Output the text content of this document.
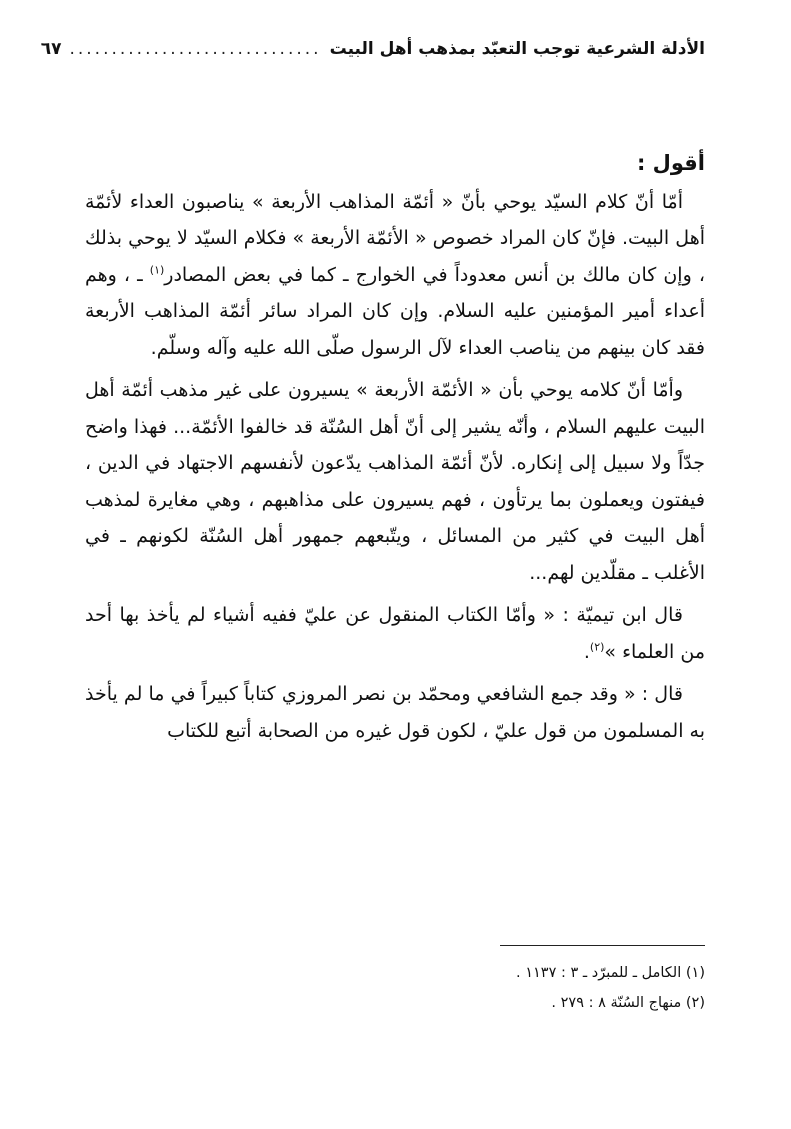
الأدلة الشرعية توجب التعبّد بمذهب أهل البيت
..............................
٦٧

أقول :

أمّا أنّ كلام السيّد يوحي بأنّ « أئمّة المذاهب الأربعة » يناصبون العداء لأئمّة أهل البيت. فإنّ كان المراد خصوص « الأئمّة الأربعة » فكلام السيّد لا يوحي بذلك ، وإن كان مالك بن أنس معدوداً في الخوارج ـ كما في بعض المصادر$^{(١)}$ ـ ، وهم أعداء أمير المؤمنين عليه السلام. وإن كان المراد سائر أئمّة المذاهب الأربعة فقد كان بينهم من يناصب العداء لآل الرسول صلّى الله عليه وآله وسلّم.

وأمّا أنّ كلامه يوحي بأن « الأئمّة الأربعة » يسيرون على غير مذهب أئمّة أهل البيت عليهم السلام ، وأنّه يشير إلى أنّ أهل السُنّة قد خالفوا الأئمّة... فهذا واضح جدّاً ولا سبيل إلى إنكاره. لأنّ أئمّة المذاهب يدّعون لأنفسهم الاجتهاد في الدين ، فيفتون ويعملون بما يرتأون ، فهم يسيرون على مذاهبهم ، وهي مغايرة لمذهب أهل البيت في كثير من المسائل ، ويتّبعهم جمهور أهل السُنّة لكونهم ـ في الأغلب ـ مقلّدين لهم...

قال ابن تيميّة : « وأمّا الكتاب المنقول عن عليّ ففيه أشياء لم يأخذ بها أحد من العلماء »$^{(٢)}$.

قال : « وقد جمع الشافعي ومحمّد بن نصر المروزي كتاباً كبيراً في ما لم يأخذ به المسلمون من قول عليّ ، لكون قول غيره من الصحابة أتبع للكتاب

(١) الكامل ـ للمبرّد ـ ٣ : ١١٣٧ .
(٢) منهاج السُنّة ٨ : ٢٧٩ .
